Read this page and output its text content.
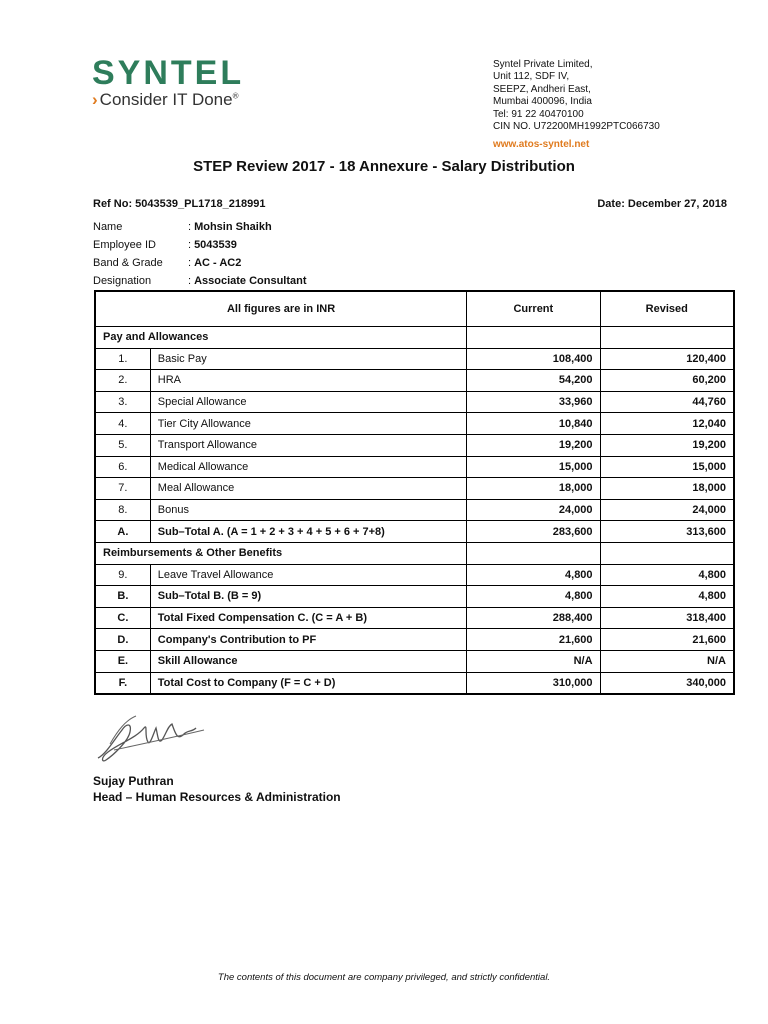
SYNTEL
› Consider IT Done®
Syntel Private Limited,
Unit 112, SDF IV,
SEEPZ, Andheri East,
Mumbai 400096, India
Tel: 91 22 40470100
CIN NO. U72200MH1992PTC066730
www.atos-syntel.net
STEP Review 2017 - 18 Annexure - Salary Distribution
Ref No: 5043539_PL1718_218991	Date: December 27, 2018
Name	: Mohsin Shaikh
Employee ID	: 5043539
Band & Grade	: AC - AC2
Designation	: Associate Consultant
All figures are in INR		Current	Revised
Pay and Allowances			
1.	Basic Pay	108,400	120,400
2.	HRA	54,200	60,200
3.	Special Allowance	33,960	44,760
4.	Tier City Allowance	10,840	12,040
5.	Transport Allowance	19,200	19,200
6.	Medical Allowance	15,000	15,000
7.	Meal Allowance	18,000	18,000
8.	Bonus	24,000	24,000
A.	Sub–Total A. (A = 1 + 2 + 3 + 4 + 5 + 6 + 7+8)	283,600	313,600
Reimbursements & Other Benefits			
9.	Leave Travel Allowance	4,800	4,800
B.	Sub–Total B. (B = 9)	4,800	4,800
C.	Total Fixed Compensation C. (C = A + B)	288,400	318,400
D.	Company's Contribution to PF	21,600	21,600
E.	Skill Allowance	N/A	N/A
F.	Total Cost to Company (F = C + D)	310,000	340,000
Sujay Puthran
Head – Human Resources & Administration
The contents of this document are company privileged, and strictly confidential.
